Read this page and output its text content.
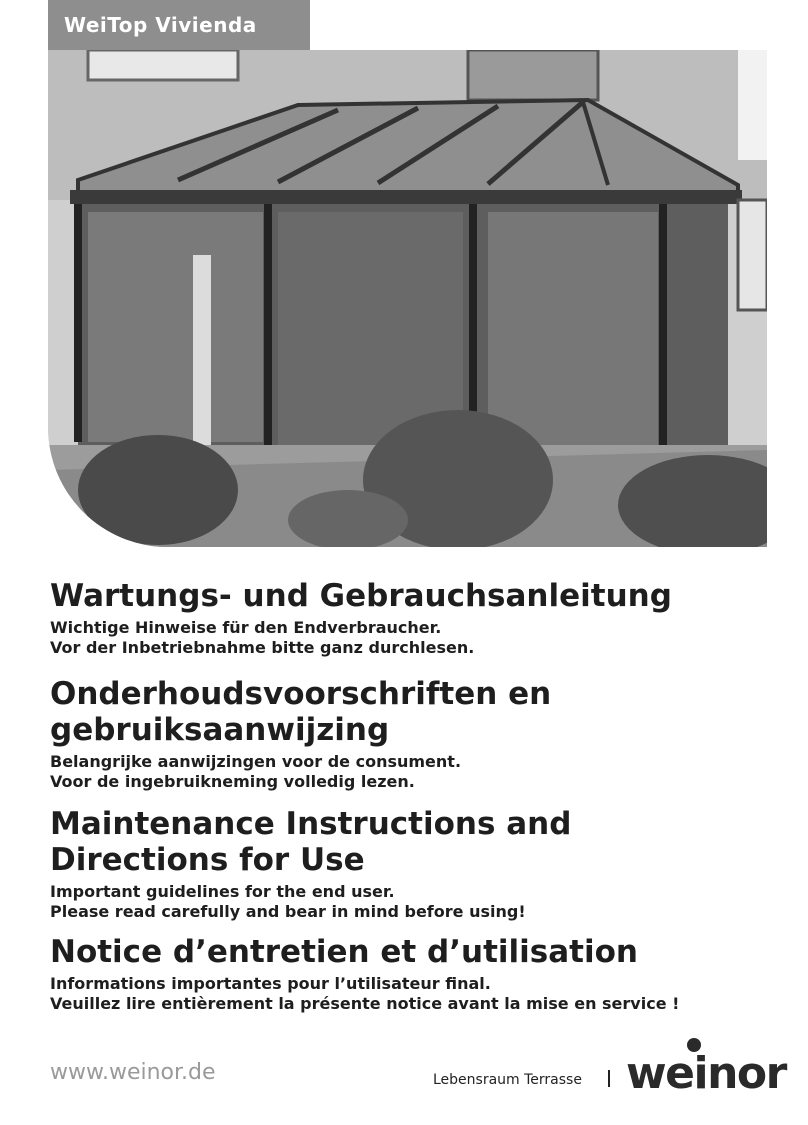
WeiTop Vivienda
Wartungs- und Gebrauchsanleitung

Wichtige Hinweise für den Endverbraucher.
Vor der Inbetriebnahme bitte ganz durchlesen.

Onderhoudsvoorschriften en
gebruiksaanwijzing

Belangrijke aanwijzingen voor de consument.
Voor de ingebruikneming volledig lezen.

Maintenance Instructions and
Directions for Use

Important guidelines for the end user.
Please read carefully and bear in mind before using!

Notice d’entretien et d’utilisation

Informations importantes pour l’utilisateur final.
Veuillez lire entièrement la présente notice avant la mise en service !

www.weinor.de	Lebensraum Terrasse weinor
